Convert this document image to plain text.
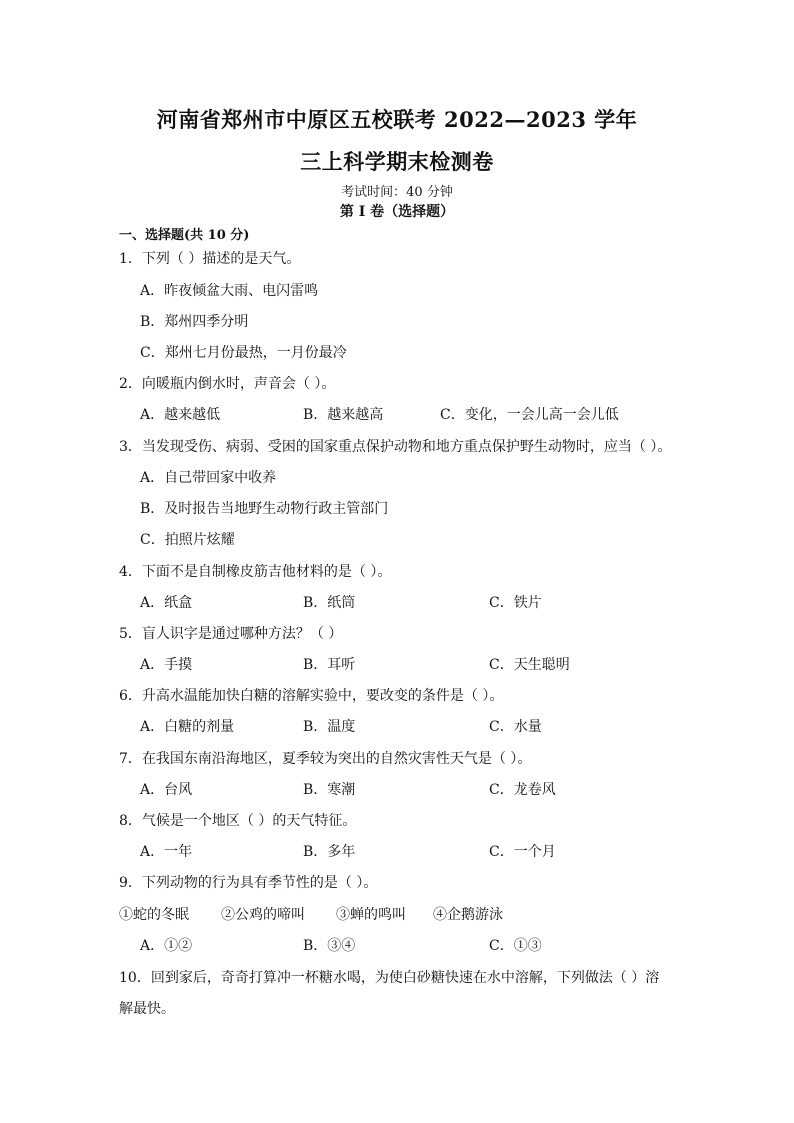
河南省郑州市中原区五校联考 2022—2023 学年
三上科学期末检测卷
考试时间：40 分钟
第 I 卷（选择题）
一、选择题(共 10 分)
1．下列（ ）描述的是天气。
A．昨夜倾盆大雨、电闪雷鸣
B．郑州四季分明
C．郑州七月份最热，一月份最冷
2．向暖瓶内倒水时，声音会（ ）。
A．越来越低	B．越来越高	C．变化，一会儿高一会儿低
3．当发现受伤、病弱、受困的国家重点保护动物和地方重点保护野生动物时，应当（ ）。
A．自己带回家中收养
B．及时报告当地野生动物行政主管部门
C．拍照片炫耀
4．下面不是自制橡皮筋吉他材料的是（ ）。
A．纸盒	B．纸筒	C．铁片
5．盲人识字是通过哪种方法？（ ）
A．手摸	B．耳听	C．天生聪明
6．升高水温能加快白糖的溶解实验中，要改变的条件是（ ）。
A．白糖的剂量	B．温度	C．水量
7．在我国东南沿海地区，夏季较为突出的自然灾害性天气是（ ）。
A．台风	B．寒潮	C．龙卷风
8．气候是一个地区（ ）的天气特征。
A．一年	B．多年	C．一个月
9．下列动物的行为具有季节性的是（ ）。
①蛇的冬眠 ②公鸡的啼叫 ③蝉的鸣叫 ④企鹅游泳
A．①②	B．③④	C．①③
10．回到家后，奇奇打算冲一杯糖水喝，为使白砂糖快速在水中溶解，下列做法（ ）溶
解最快。
